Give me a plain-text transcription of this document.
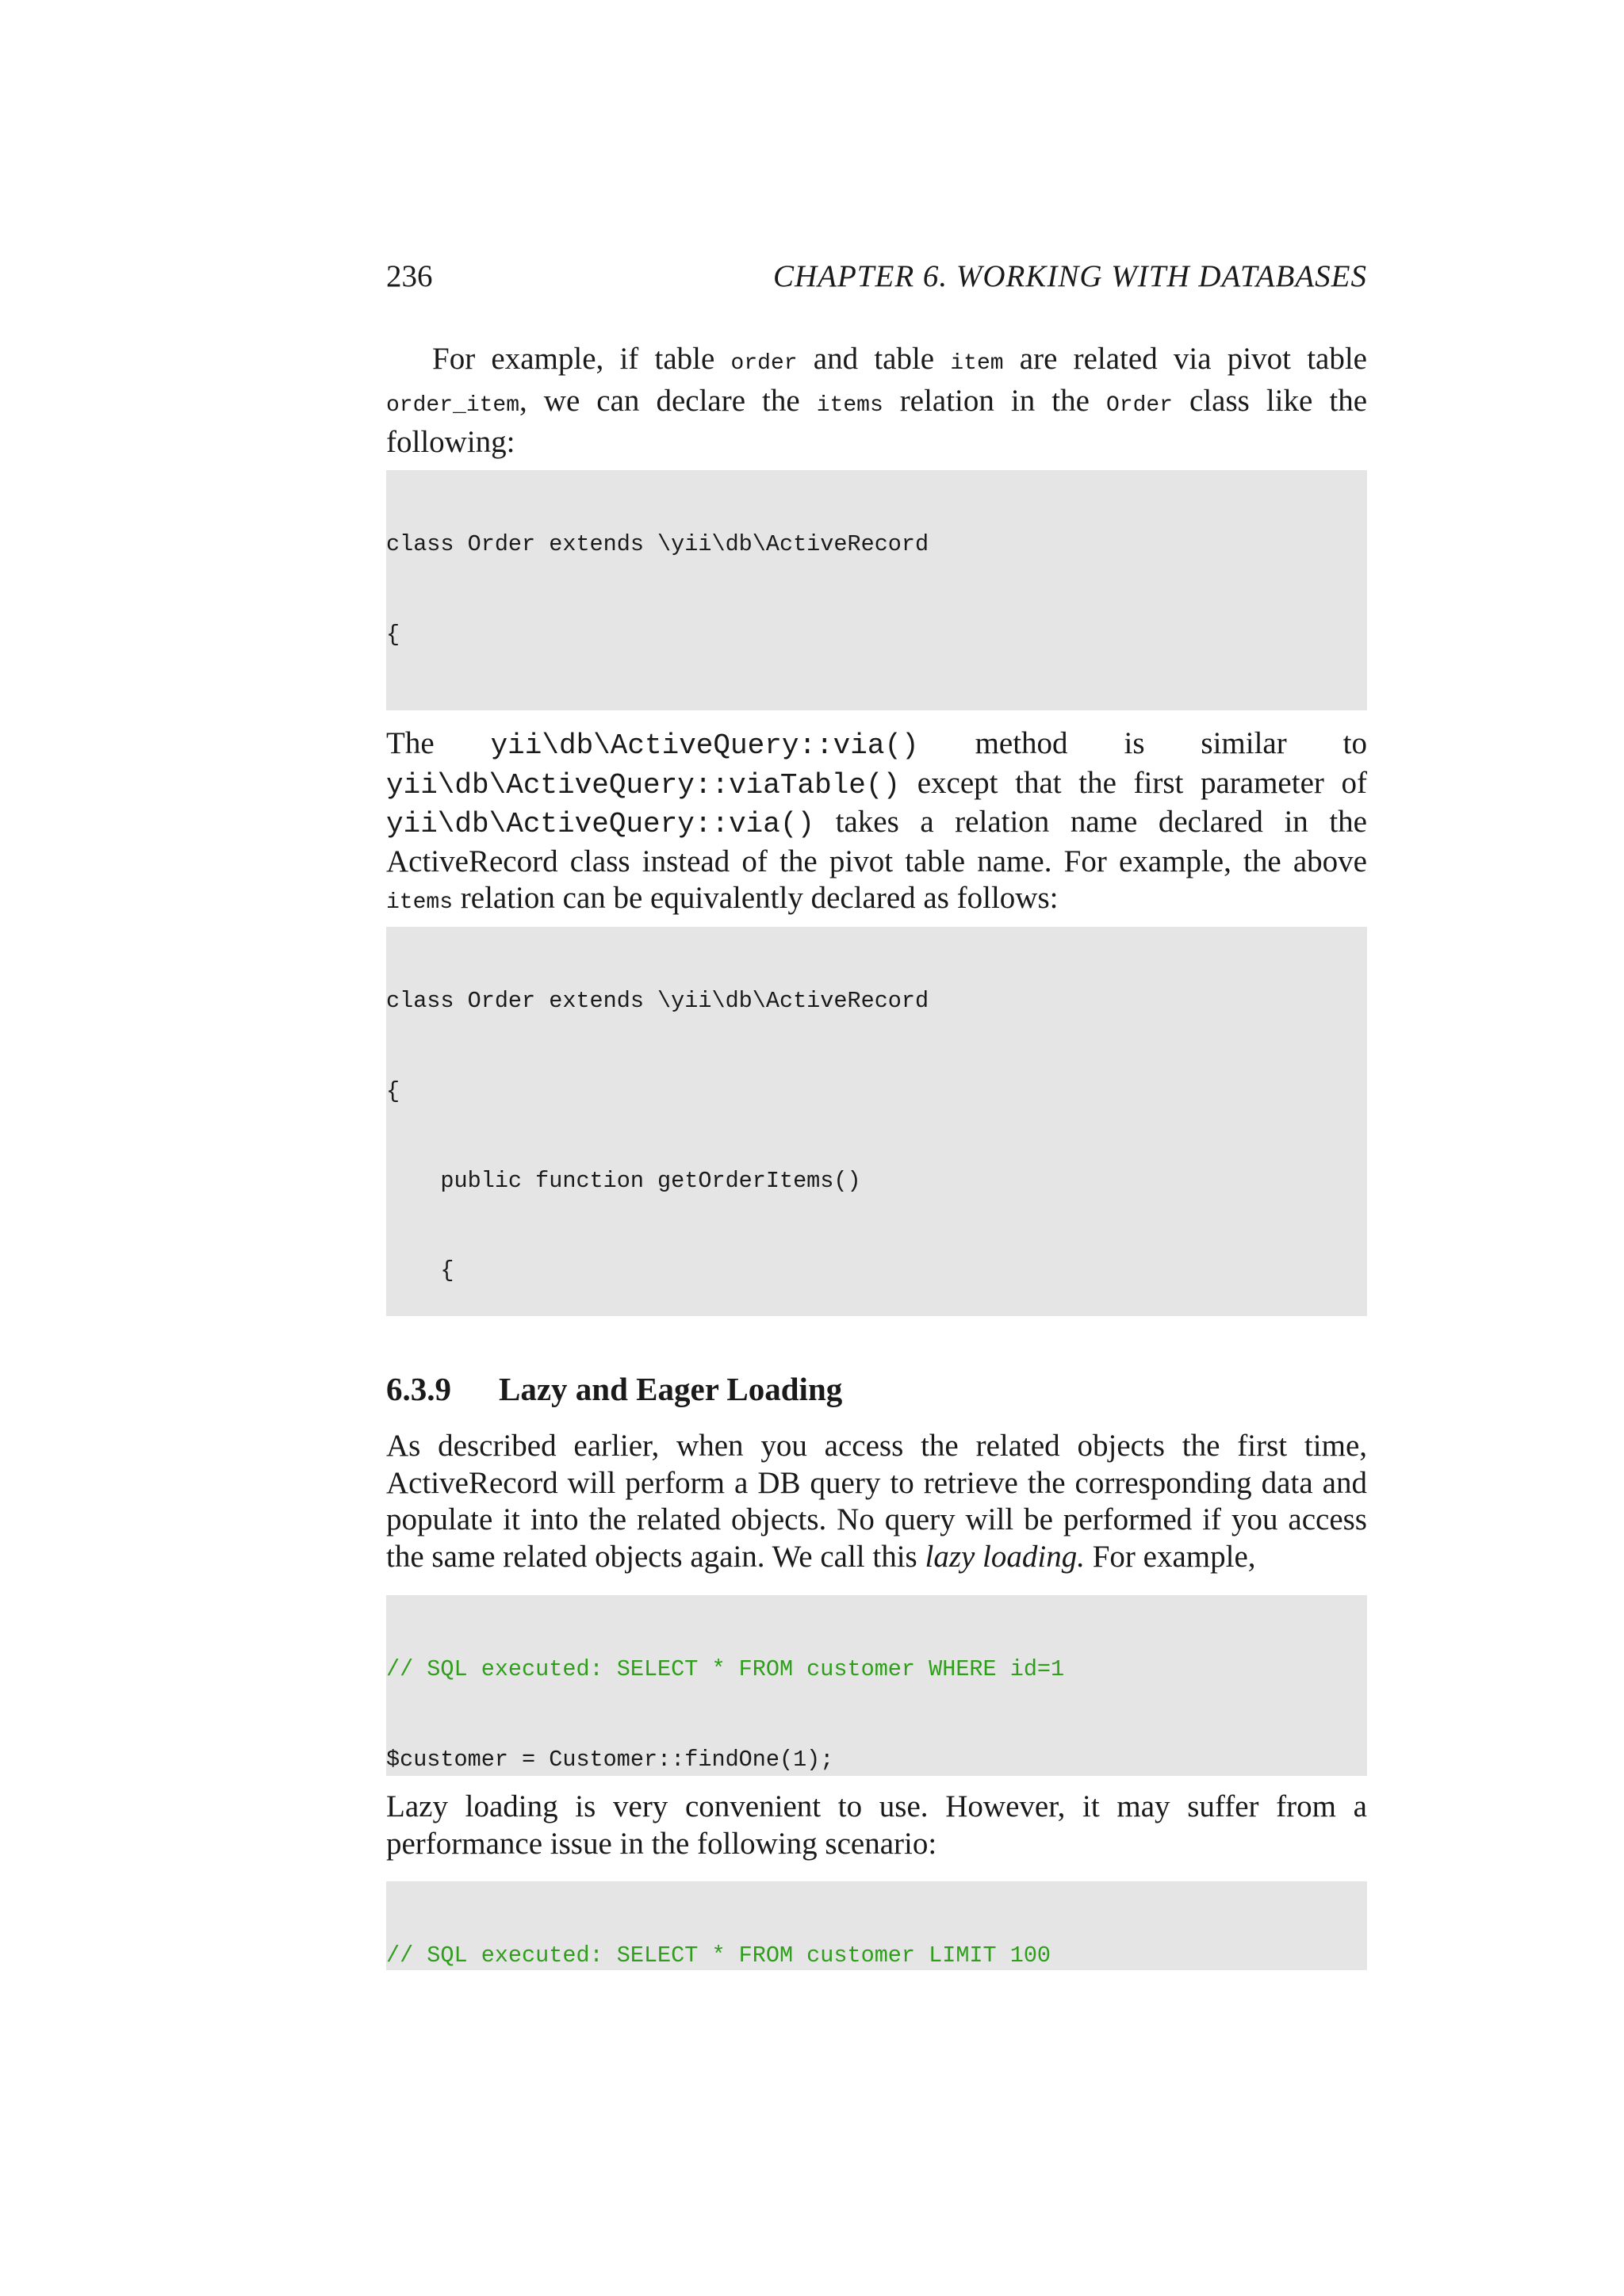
236	CHAPTER 6. WORKING WITH DATABASES

For example, if table order and table item are related via pivot table order_item, we can declare the items relation in the Order class like the following:

class Order extends \yii\db\ActiveRecord

{

The yii\db\ActiveQuery::via() method is similar to yii\db\ActiveQuery::viaTable() except that the first parameter of yii\db\ActiveQuery::via() takes a relation name declared in the ActiveRecord class instead of the pivot table name. For example, the above items relation can be equivalently declared as follows:

class Order extends \yii\db\ActiveRecord

{

public function getOrderItems()

{

6.3.9 Lazy and Eager Loading

As described earlier, when you access the related objects the first time, ActiveRecord will perform a DB query to retrieve the corresponding data and populate it into the related objects. No query will be performed if you access the same related objects again. We call this lazy loading. For example,

// SQL executed: SELECT * FROM customer WHERE id=1

$customer = Customer::findOne(1);

Lazy loading is very convenient to use. However, it may suffer from a performance issue in the following scenario:

// SQL executed: SELECT * FROM customer LIMIT 100
